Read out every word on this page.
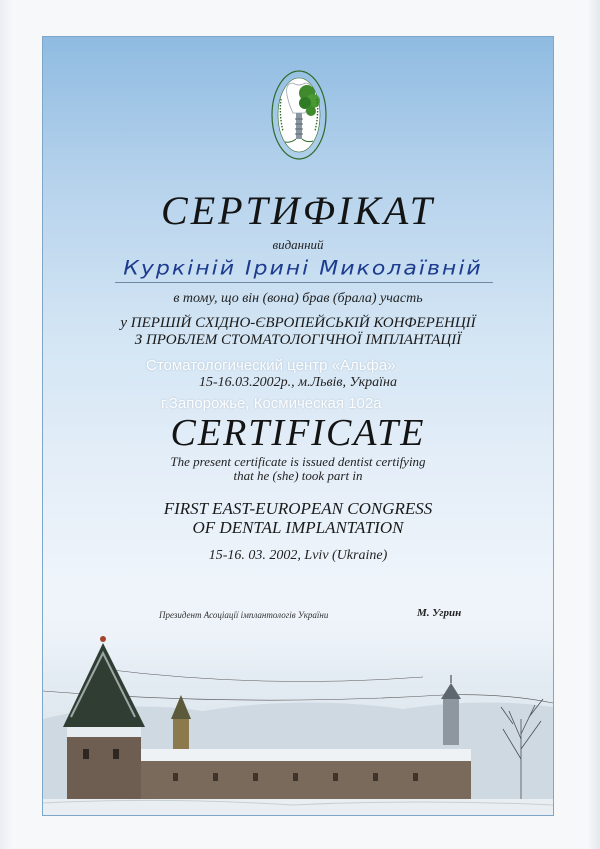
СЕРТИФІКАТ
виданний
Куркіній Ірині Миколаївній
в тому, що він (вона) брав (брала) участь
у ПЕРШІЙ СХІДНО-ЄВРОПЕЙСЬКІЙ КОНФЕРЕНЦІЇ
З ПРОБЛЕМ СТОМАТОЛОГІЧНОЇ ІМПЛАНТАЦІЇ
15-16.03.2002р., м.Львів, Україна
Стоматологический центр «Альфа»
г.Запорожье, Космическая 102а
CERTIFICATE
The present certificate is issued dentist certifying
that he (she) took part in
FIRST EAST-EUROPEAN CONGRESS
OF DENTAL IMPLANTATION
15-16. 03. 2002, Lviv (Ukraine)
Президент Асоціації імплантологів України	М. Угрин
